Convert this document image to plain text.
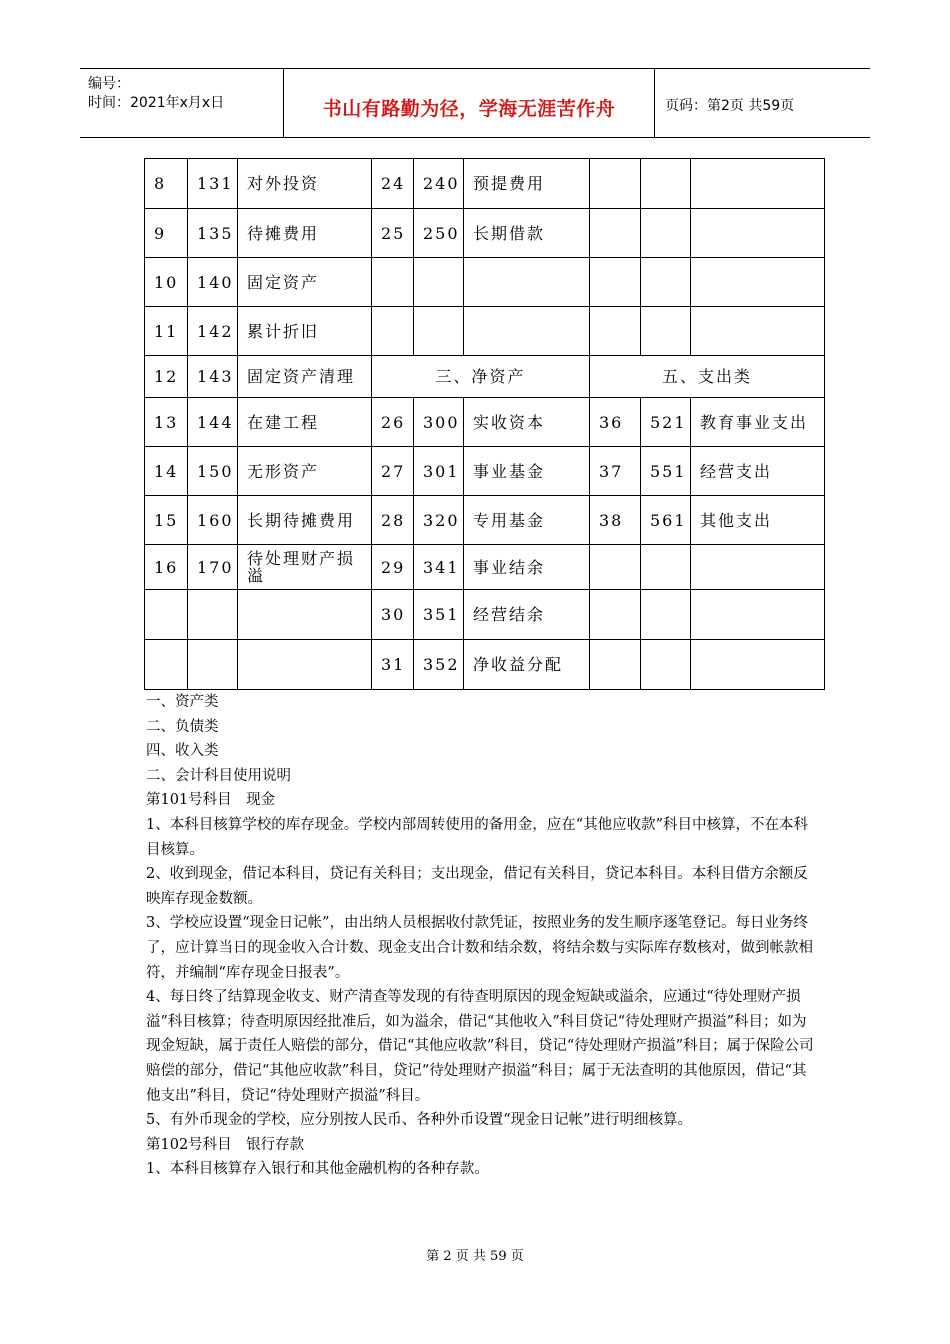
编号：
时间：2021年x月x日	书山有路勤为径，学海无涯苦作舟	页码：第2页 共59页
8	131	对外投资	24	240	预提费用			
9	135	待摊费用	25	250	长期借款			
10	140	固定资产						
11	142	累计折旧						
12	143	固定资产清理	三、净资产			五、支出类		
13	144	在建工程	26	300	实收资本	36	521	教育事业支出
14	150	无形资产	27	301	事业基金	37	551	经营支出
15	160	长期待摊费用	28	320	专用基金	38	561	其他支出
16	170	待处理财产损溢	29	341	事业结余			
			30	351	经营结余			
			31	352	净收益分配			

一、资产类

二、负债类

四、收入类

二、会计科目使用说明

第101号科目　现金

1、本科目核算学校的库存现金。学校内部周转使用的备用金，应在“其他应收款”科目中核算，不在本科目核算。

2、收到现金，借记本科目，贷记有关科目；支出现金，借记有关科目，贷记本科目。本科目借方余额反映库存现金数额。

3、学校应设置“现金日记帐”，由出纳人员根据收付款凭证，按照业务的发生顺序逐笔登记。每日业务终了，应计算当日的现金收入合计数、现金支出合计数和结余数，将结余数与实际库存数核对，做到帐款相符，并编制“库存现金日报表”。

4、每日终了结算现金收支、财产清查等发现的有待查明原因的现金短缺或溢余，应通过“待处理财产损溢”科目核算；待查明原因经批准后，如为溢余，借记“其他收入”科目贷记“待处理财产损溢”科目；如为现金短缺，属于责任人赔偿的部分，借记“其他应收款”科目，贷记“待处理财产损溢”科目；属于保险公司赔偿的部分，借记“其他应收款”科目，贷记“待处理财产损溢”科目；属于无法查明的其他原因，借记“其他支出”科目，贷记“待处理财产损溢”科目。

5、有外币现金的学校，应分别按人民币、各种外币设置“现金日记帐”进行明细核算。

第102号科目　银行存款

1、本科目核算存入银行和其他金融机构的各种存款。

第 2 页 共 59 页
